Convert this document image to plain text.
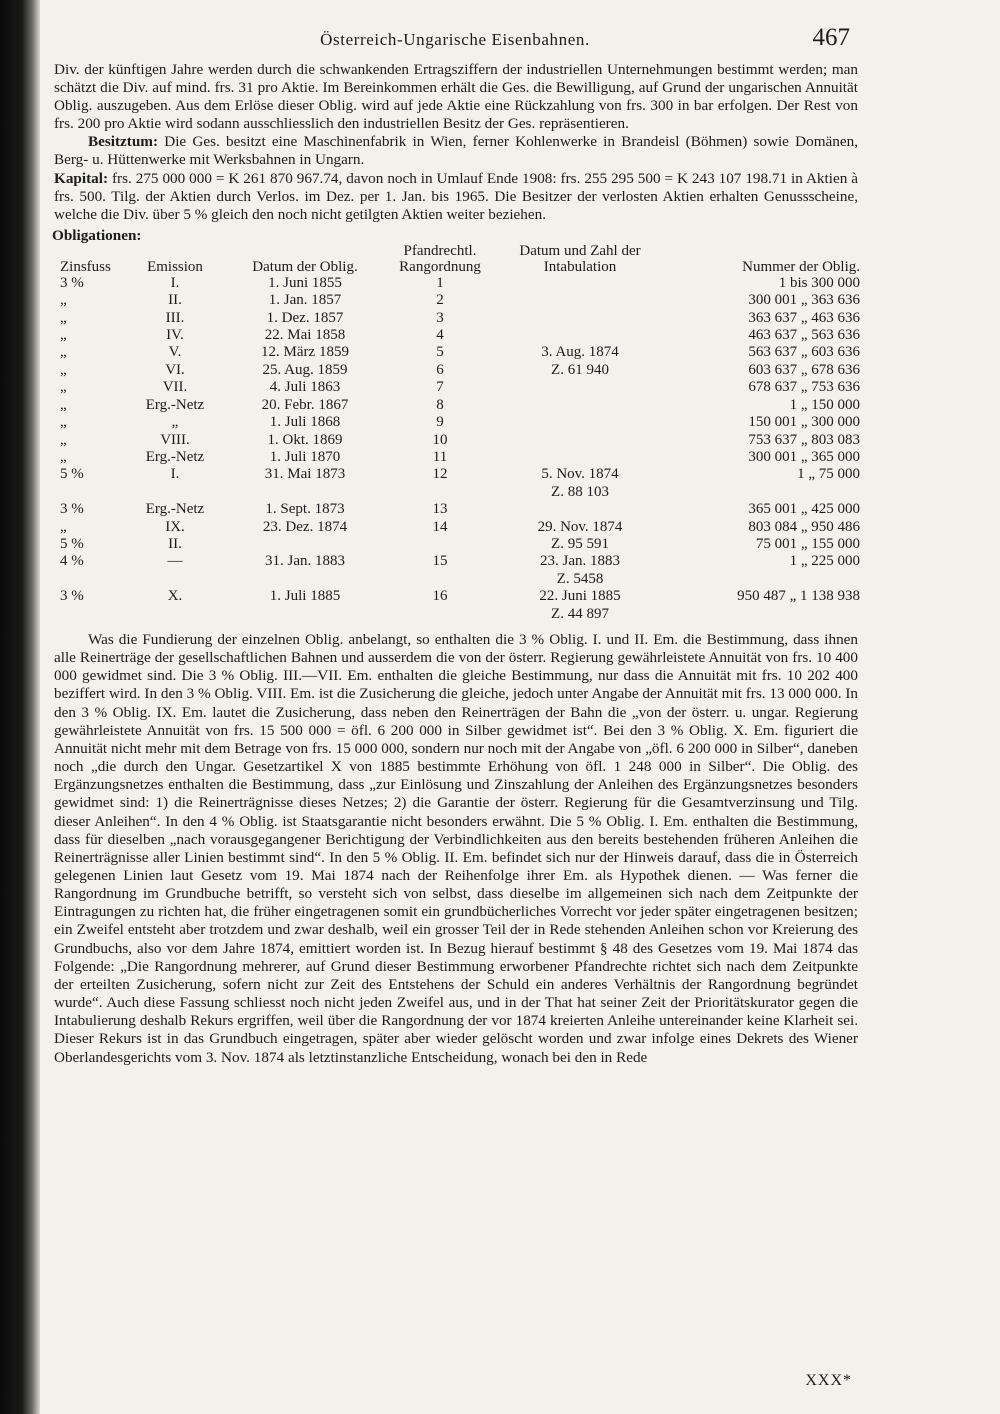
Österreich-Ungarische Eisenbahnen.	467

Div. der künftigen Jahre werden durch die schwankenden Ertragsziffern der industriellen Unternehmungen bestimmt werden; man schätzt die Div. auf mind. frs. 31 pro Aktie. Im Bereinkommen erhält die Ges. die Bewilligung, auf Grund der ungarischen Annuität Oblig. auszugeben. Aus dem Erlöse dieser Oblig. wird auf jede Aktie eine Rückzahlung von frs. 300 in bar erfolgen. Der Rest von frs. 200 pro Aktie wird sodann ausschliesslich den industriellen Besitz der Ges. repräsentieren.

Besitztum: Die Ges. besitzt eine Maschinenfabrik in Wien, ferner Kohlenwerke in Brandeisl (Böhmen) sowie Domänen, Berg- u. Hüttenwerke mit Werksbahnen in Ungarn.

Kapital: frs. 275 000 000 = K 261 870 967.74, davon noch in Umlauf Ende 1908: frs. 255 295 500 = K 243 107 198.71 in Aktien à frs. 500. Tilg. der Aktien durch Verlos. im Dez. per 1. Jan. bis 1965. Die Besitzer der verlosten Aktien erhalten Genussscheine, welche die Div. über 5 % gleich den noch nicht getilgten Aktien weiter beziehen.

Obligationen:
Zinsfuss	Emission	Datum der Oblig.	Pfandrechtl. Rangordnung	Datum und Zahl der Intabulation	Nummer der Oblig.
3 %	I.	1. Juni 1855	1		1 bis 300 000
„	II.	1. Jan. 1857	2		300 001 „ 363 636
„	III.	1. Dez. 1857	3		363 637 „ 463 636
„	IV.	22. Mai 1858	4		463 637 „ 563 636
„	V.	12. März 1859	5	3. Aug. 1874	563 637 „ 603 636
„	VI.	25. Aug. 1859	6	Z. 61 940	603 637 „ 678 636
„	VII.	4. Juli 1863	7		678 637 „ 753 636
„	Erg.-Netz	20. Febr. 1867	8		1 „ 150 000
„	„	1. Juli 1868	9		150 001 „ 300 000
„	VIII.	1. Okt. 1869	10		753 637 „ 803 083
„	Erg.-Netz	1. Juli 1870	11		300 001 „ 365 000
5 %	I.	31. Mai 1873	12	5. Nov. 1874	1 „ 75 000
				Z. 88 103	
3 %	Erg.-Netz	1. Sept. 1873	13		365 001 „ 425 000
„	IX.	23. Dez. 1874	14	29. Nov. 1874	803 084 „ 950 486
5 %	II.			Z. 95 591	75 001 „ 155 000
4 %	—	31. Jan. 1883	15	23. Jan. 1883	1 „ 225 000
				Z. 5458	
3 %	X.	1. Juli 1885	16	22. Juni 1885	950 487 „ 1 138 938
				Z. 44 897	

Was die Fundierung der einzelnen Oblig. anbelangt, so enthalten die 3 % Oblig. I. und II. Em. die Bestimmung, dass ihnen alle Reinerträge der gesellschaftlichen Bahnen und ausserdem die von der österr. Regierung gewährleistete Annuität von frs. 10 400 000 gewidmet sind. Die 3 % Oblig. III.—VII. Em. enthalten die gleiche Bestimmung, nur dass die Annuität mit frs. 10 202 400 beziffert wird. In den 3 % Oblig. VIII. Em. ist die Zusicherung die gleiche, jedoch unter Angabe der Annuität mit frs. 13 000 000. In den 3 % Oblig. IX. Em. lautet die Zusicherung, dass neben den Reinerträgen der Bahn die „von der österr. u. ungar. Regierung gewährleistete Annuität von frs. 15 500 000 = öfl. 6 200 000 in Silber gewidmet ist“. Bei den 3 % Oblig. X. Em. figuriert die Annuität nicht mehr mit dem Betrage von frs. 15 000 000, sondern nur noch mit der Angabe von „öfl. 6 200 000 in Silber“, daneben noch „die durch den Ungar. Gesetzartikel X von 1885 bestimmte Erhöhung von öfl. 1 248 000 in Silber“. Die Oblig. des Ergänzungsnetzes enthalten die Bestimmung, dass „zur Einlösung und Zinszahlung der Anleihen des Ergänzungsnetzes besonders gewidmet sind: 1) die Reinerträgnisse dieses Netzes; 2) die Garantie der österr. Regierung für die Gesamtverzinsung und Tilg. dieser Anleihen“. In den 4 % Oblig. ist Staatsgarantie nicht besonders erwähnt. Die 5 % Oblig. I. Em. enthalten die Bestimmung, dass für dieselben „nach vorausgegangener Berichtigung der Verbindlichkeiten aus den bereits bestehenden früheren Anleihen die Reinerträgnisse aller Linien bestimmt sind“. In den 5 % Oblig. II. Em. befindet sich nur der Hinweis darauf, dass die in Österreich gelegenen Linien laut Gesetz vom 19. Mai 1874 nach der Reihenfolge ihrer Em. als Hypothek dienen. — Was ferner die Rangordnung im Grundbuche betrifft, so versteht sich von selbst, dass dieselbe im allgemeinen sich nach dem Zeitpunkte der Eintragungen zu richten hat, die früher eingetragenen somit ein grundbücherliches Vorrecht vor jeder später eingetragenen besitzen; ein Zweifel entsteht aber trotzdem und zwar deshalb, weil ein grosser Teil der in Rede stehenden Anleihen schon vor Kreierung des Grundbuchs, also vor dem Jahre 1874, emittiert worden ist. In Bezug hierauf bestimmt § 48 des Gesetzes vom 19. Mai 1874 das Folgende: „Die Rangordnung mehrerer, auf Grund dieser Bestimmung erworbener Pfandrechte richtet sich nach dem Zeitpunkte der erteilten Zusicherung, sofern nicht zur Zeit des Entstehens der Schuld ein anderes Verhältnis der Rangordnung begründet wurde“. Auch diese Fassung schliesst noch nicht jeden Zweifel aus, und in der That hat seiner Zeit der Prioritätskurator gegen die Intabulierung deshalb Rekurs ergriffen, weil über die Rangordnung der vor 1874 kreierten Anleihe untereinander keine Klarheit sei. Dieser Rekurs ist in das Grundbuch eingetragen, später aber wieder gelöscht worden und zwar infolge eines Dekrets des Wiener Oberlandesgerichts vom 3. Nov. 1874 als letztinstanzliche Entscheidung, wonach bei den in Rede

XXX*
